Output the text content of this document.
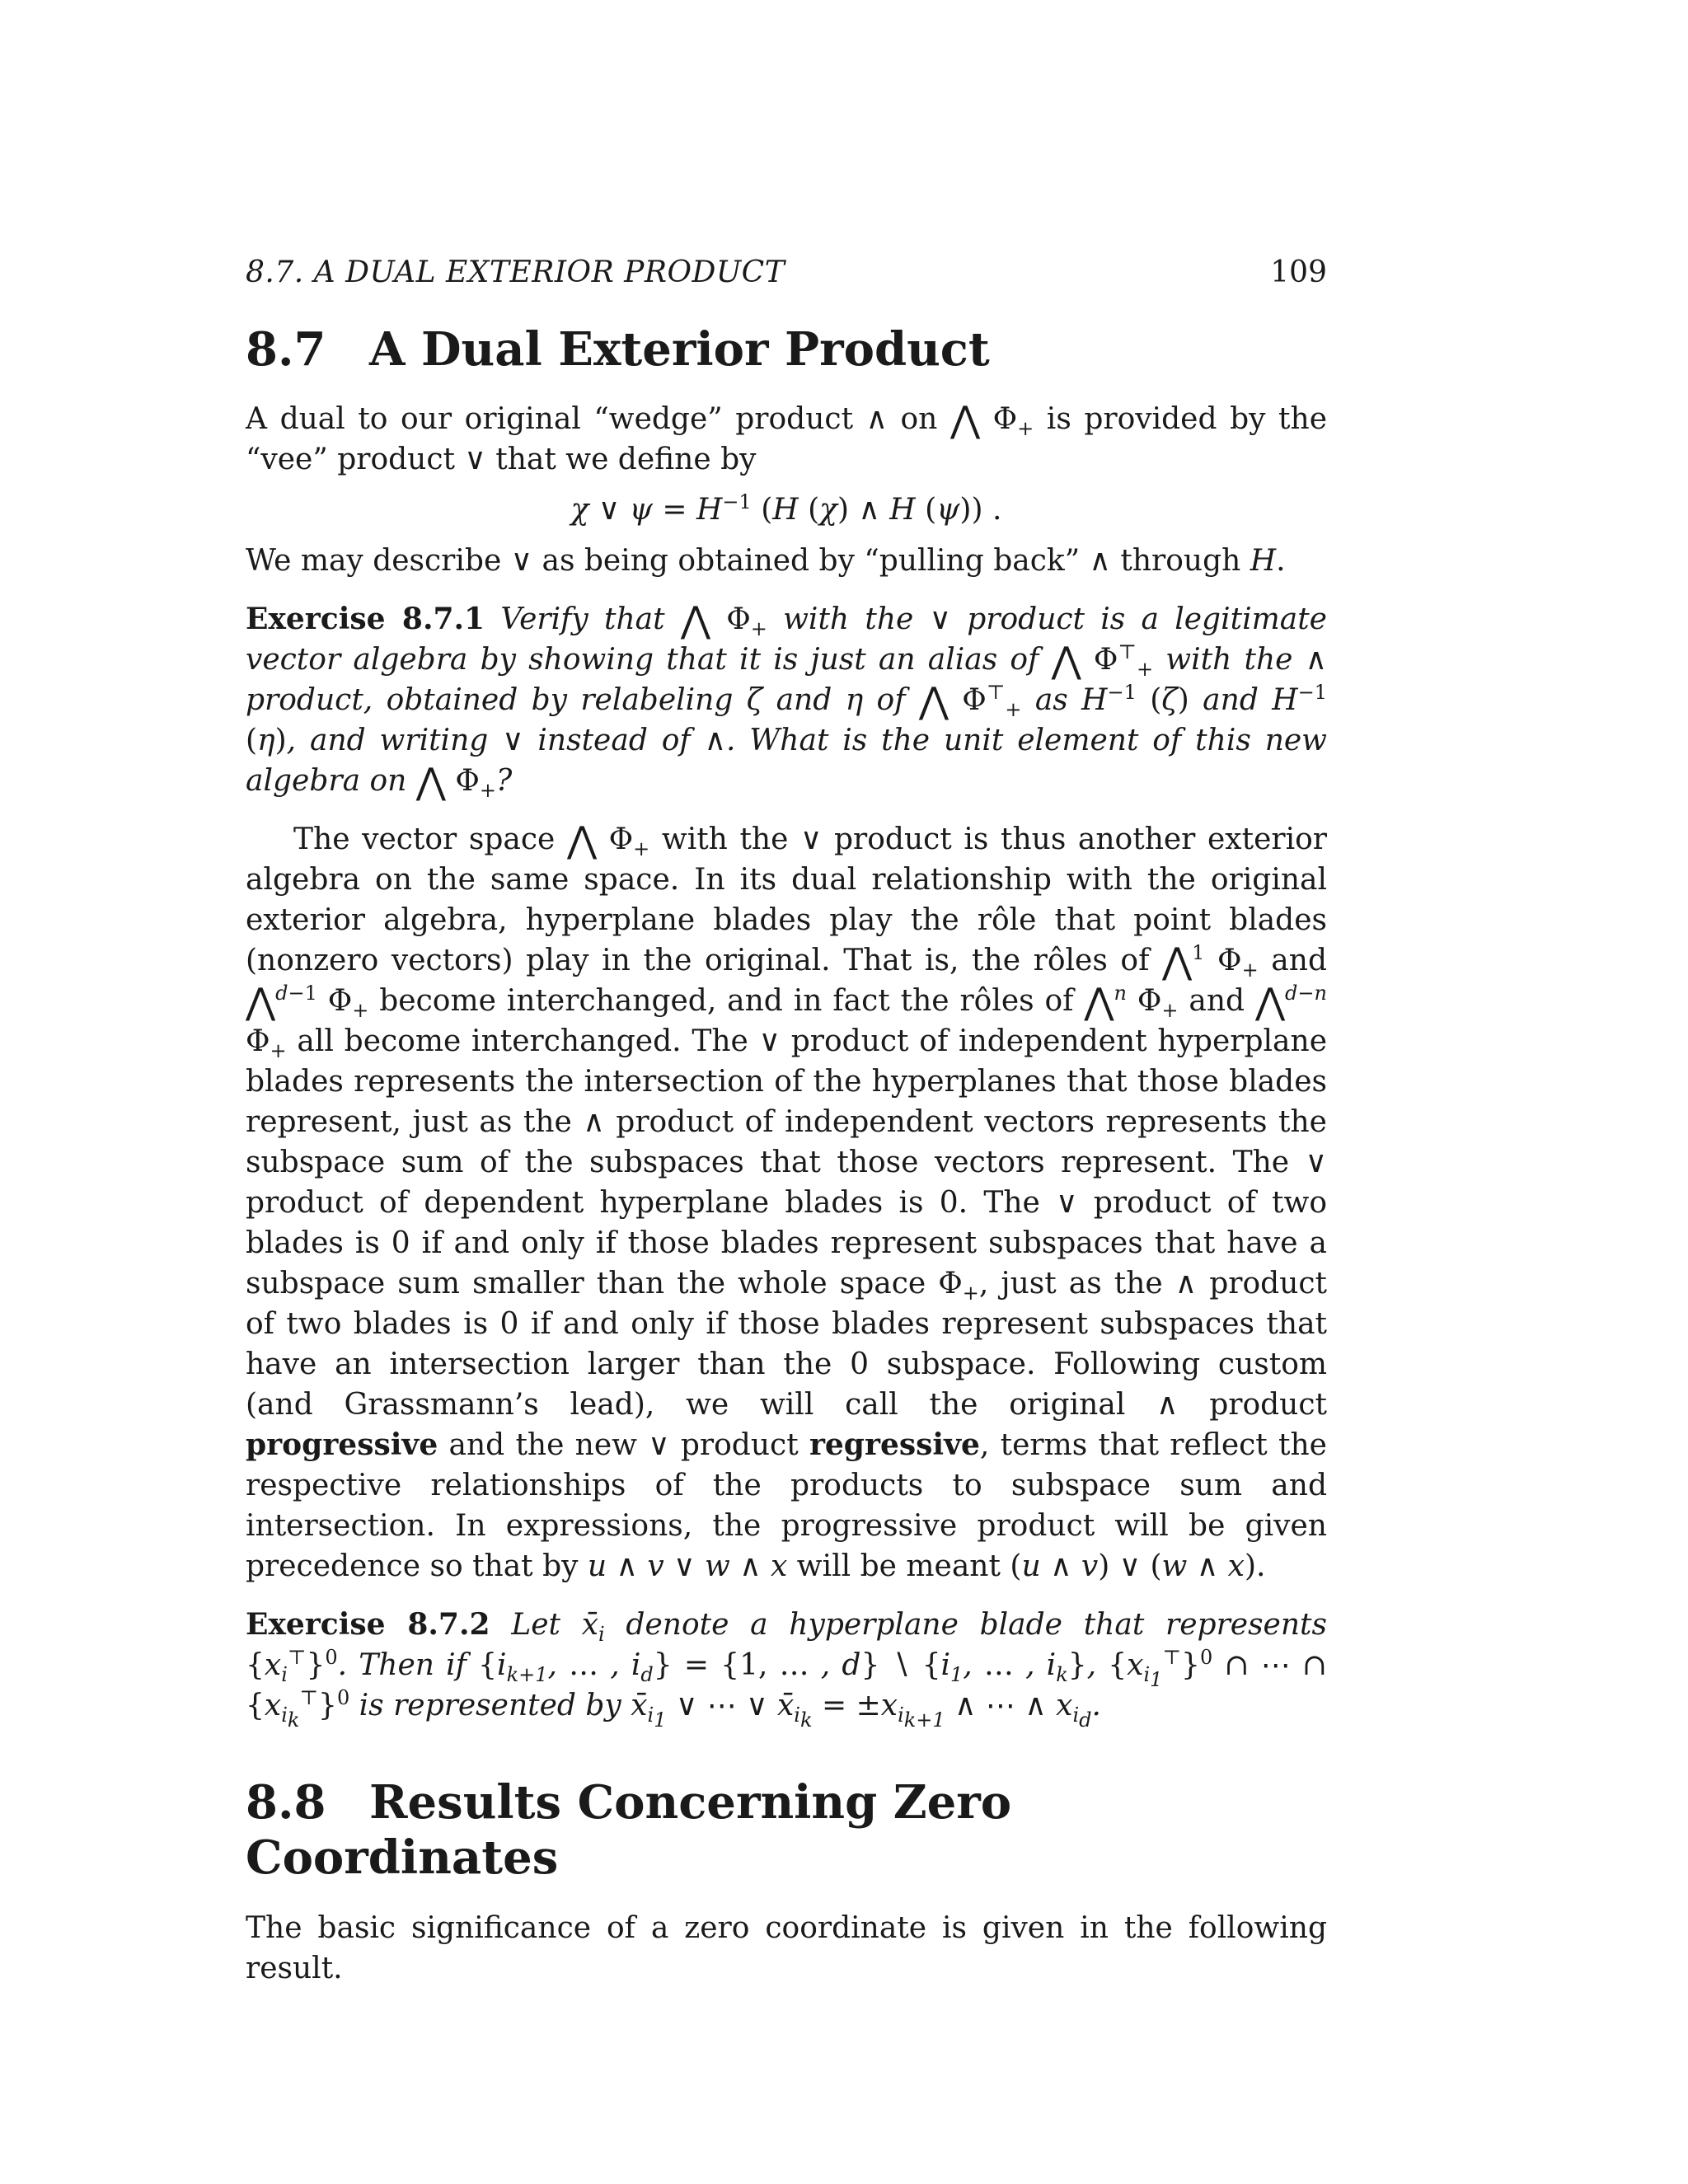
8.7. A DUAL EXTERIOR PRODUCT	109
8.7 A Dual Exterior Product

A dual to our original “wedge” product ∧ on ⋀ $\Phi_+$ is provided by the “vee” product ∨ that we define by

χ ∨ $\psi = H^{-1}$ (H (χ) ∧ H (ψ)) .

We may describe ∨ as being obtained by “pulling back” ∧ through H.

Exercise 8.7.1 Verify that ⋀ $\Phi_+$ with the ∨ product is a legitimate vector algebra by showing that it is just an alias of ⋀ $\Phi^⊤_+$ with the ∧ product, obtained by relabeling ζ and η of ⋀ $\Phi^⊤_+$ as $H^{-1}$ (ζ) and $H^{-1}$ (η), and writing ∨ instead of ∧. What is the unit element of this new algebra on ⋀ $\Phi_+$?

The vector space ⋀ $\Phi_+$ with the ∨ product is thus another exterior algebra on the same space. In its dual relationship with the original exterior algebra, hyperplane blades play the rôle that point blades (nonzero vectors) play in the original. That is, the rôles of ⋀$^1$ $\Phi_+$ and ⋀$^{d-1}$ $\Phi_+$ become interchanged, and in fact the rôles of ⋀$^n$ $\Phi_+$ and ⋀$^{d-n}$ $\Phi_+$ all become interchanged. The ∨ product of independent hyperplane blades represents the intersection of the hyperplanes that those blades represent, just as the ∧ product of independent vectors represents the subspace sum of the subspaces that those vectors represent. The ∨ product of dependent hyperplane blades is 0. The ∨ product of two blades is 0 if and only if those blades represent subspaces that have a subspace sum smaller than the whole space $\Phi_+$, just as the ∧ product of two blades is 0 if and only if those blades represent subspaces that have an intersection larger than the 0 subspace. Following custom (and Grassmann’s lead), we will call the original ∧ product progressive and the new ∨ product regressive, terms that reflect the respective relationships of the products to subspace sum and intersection. In expressions, the progressive product will be given precedence so that by u ∧ v ∨ w ∧ x will be meant (u ∧ v) ∨ (w ∧ x).

Exercise 8.7.2 Let $x̄_i$ denote a hyperplane blade that represents $\{x_i^⊤\}^0$. Then if {$i_{k+1}$, … , $i_d\} = \{1$, … , d} ∖ {$i_1$, … , $i_k$}, $\{x_{i_1}^⊤\}^0$ ∩ ⋯ ∩ $\{x_{i_k}^⊤\}^0$ is represented by $x̄_{i_1}$ ∨ ⋯ ∨ $x̄_{i_k} = \pm x_{i_{k+1}}$ ∧ ⋯ ∧ $x_{i_d}$.

8.8 Results Concerning Zero Coordinates

The basic significance of a zero coordinate is given in the following result.
